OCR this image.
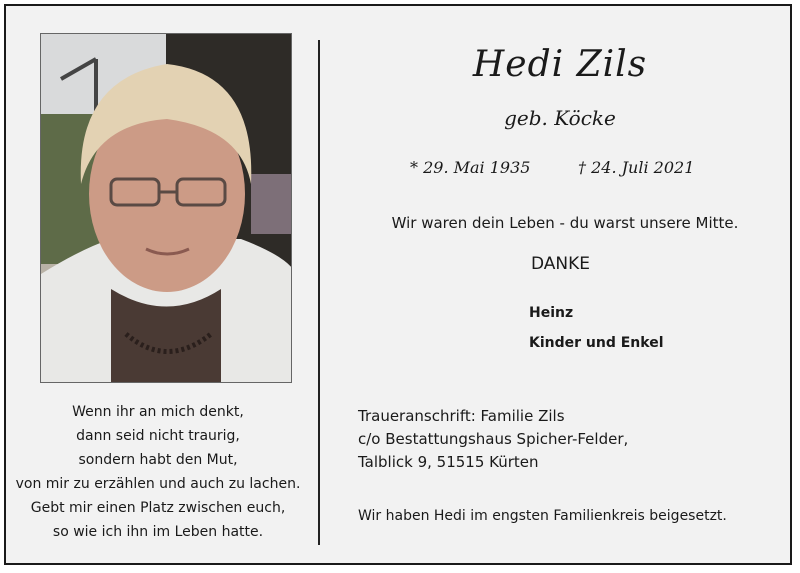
Wenn ihr an mich denkt,
dann seid nicht traurig,
sondern habt den Mut,
von mir zu erzählen und auch zu lachen.
Gebt mir einen Platz zwischen euch,
so wie ich ihn im Leben hatte.
Hedi Zils
geb. Köcke
* 29. Mai 1935	† 24. Juli 2021
Wir waren dein Leben - du warst unsere Mitte.
DANKE
Heinz
Kinder und Enkel
Traueranschrift: Familie Zils
c/o Bestattungshaus Spicher-Felder,
Talblick 9, 51515 Kürten
Wir haben Hedi im engsten Familienkreis beigesetzt.
